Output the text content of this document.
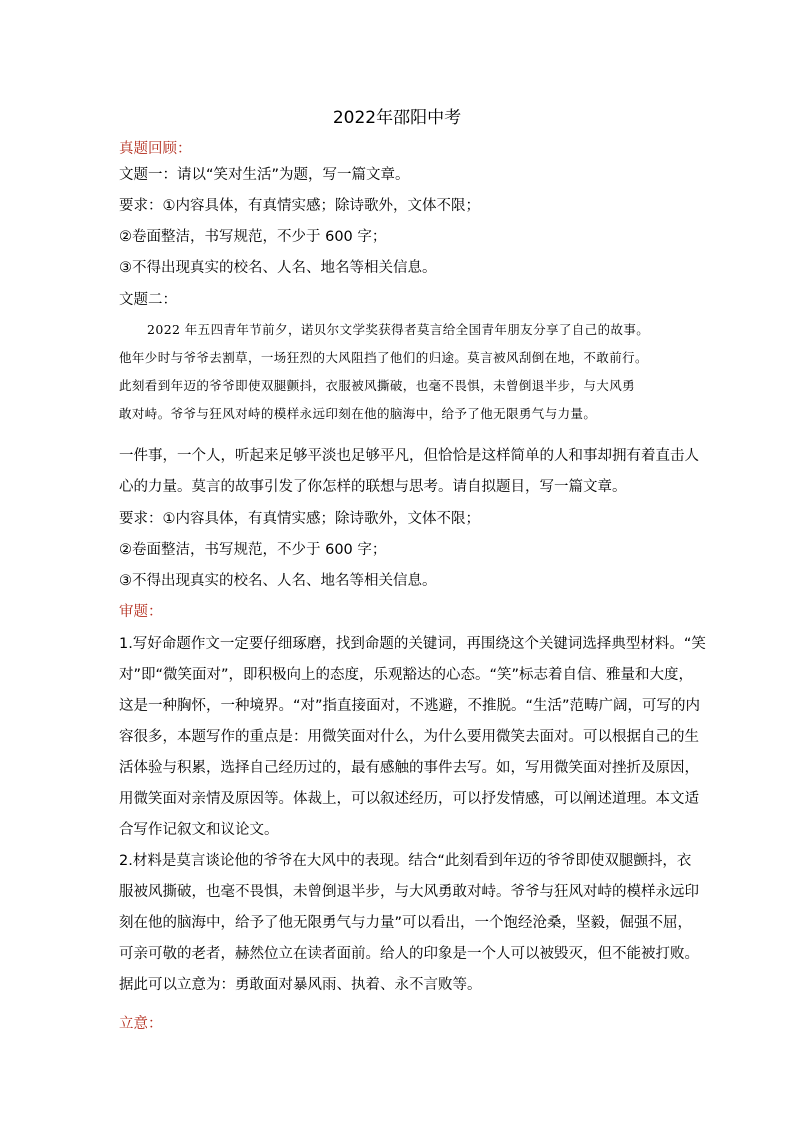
2022年邵阳中考
真题回顾：
文题一：请以“笑对生活”为题，写一篇文章。
要求：①内容具体，有真情实感；除诗歌外，文体不限；
②卷面整洁，书写规范，不少于 600 字；
③不得出现真实的校名、人名、地名等相关信息。
文题二：

2022 年五四青年节前夕，诺贝尔文学奖获得者莫言给全国青年朋友分享了自己的故事。

他年少时与爷爷去割草，一场狂烈的大风阻挡了他们的归途。莫言被风刮倒在地，不敢前行。

此刻看到年迈的爷爷即使双腿颤抖，衣服被风撕破，也毫不畏惧，未曾倒退半步，与大风勇

敢对峙。爷爷与狂风对峙的模样永远印刻在他的脑海中，给予了他无限勇气与力量。

一件事，一个人，听起来足够平淡也足够平凡，但恰恰是这样简单的人和事却拥有着直击人

心的力量。莫言的故事引发了你怎样的联想与思考。请自拟题目，写一篇文章。

要求：①内容具体，有真情实感；除诗歌外，文体不限；
②卷面整洁，书写规范，不少于 600 字；
③不得出现真实的校名、人名、地名等相关信息。
审题：

1.写好命题作文一定要仔细琢磨，找到命题的关键词，再围绕这个关键词选择典型材料。“笑

对”即“微笑面对”，即积极向上的态度，乐观豁达的心态。“笑”标志着自信、雅量和大度，

这是一种胸怀，一种境界。“对”指直接面对，不逃避，不推脱。“生活”范畴广阔，可写的内

容很多，本题写作的重点是：用微笑面对什么，为什么要用微笑去面对。可以根据自己的生

活体验与积累，选择自己经历过的，最有感触的事件去写。如，写用微笑面对挫折及原因，

用微笑面对亲情及原因等。体裁上，可以叙述经历，可以抒发情感，可以阐述道理。本文适

合写作记叙文和议论文。

2.材料是莫言谈论他的爷爷在大风中的表现。结合“此刻看到年迈的爷爷即使双腿颤抖，衣

服被风撕破，也毫不畏惧，未曾倒退半步，与大风勇敢对峙。爷爷与狂风对峙的模样永远印

刻在他的脑海中，给予了他无限勇气与力量”可以看出，一个饱经沧桑，坚毅，倔强不屈，

可亲可敬的老者，赫然位立在读者面前。给人的印象是一个人可以被毁灭，但不能被打败。

据此可以立意为：勇敢面对暴风雨、执着、永不言败等。

立意：
